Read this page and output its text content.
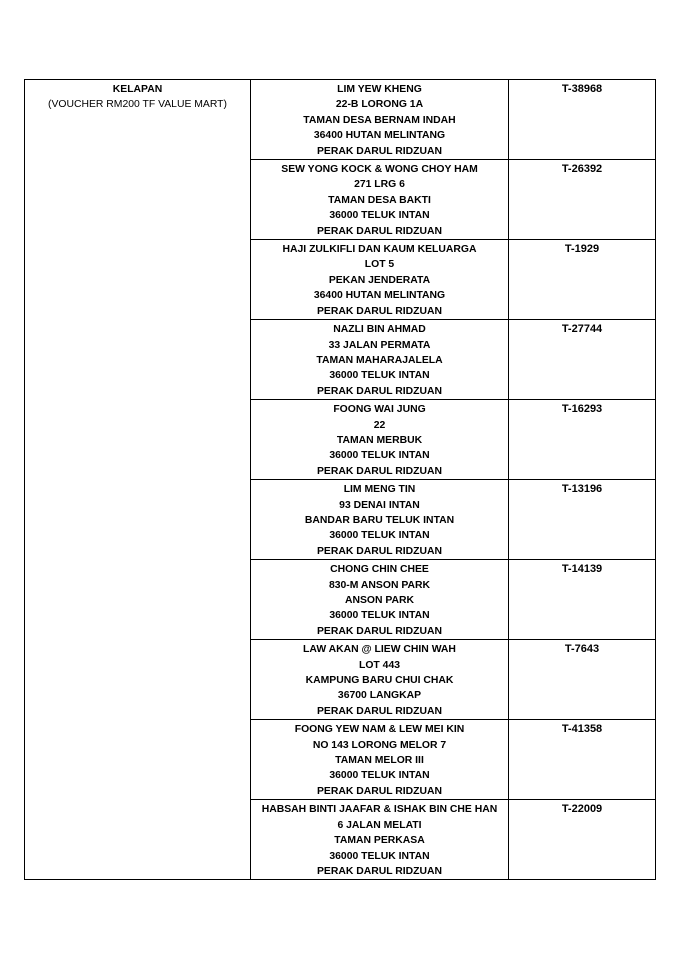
KELAPAN
(VOUCHER RM200 TF VALUE MART)	LIM YEW KHENG
22-B LORONG 1A
TAMAN DESA BERNAM INDAH
36400 HUTAN MELINTANG
PERAK DARUL RIDZUAN	T-38968

	SEW YONG KOCK & WONG CHOY HAM
271 LRG 6
TAMAN DESA BAKTI
36000 TELUK INTAN
PERAK DARUL RIDZUAN	T-26392

	HAJI ZULKIFLI DAN KAUM KELUARGA
LOT 5
PEKAN JENDERATA
36400 HUTAN MELINTANG
PERAK DARUL RIDZUAN	T-1929

	NAZLI BIN AHMAD
33 JALAN PERMATA
TAMAN MAHARAJALELA
36000 TELUK INTAN
PERAK DARUL RIDZUAN	T-27744

	FOONG WAI JUNG
22
TAMAN MERBUK
36000 TELUK INTAN
PERAK DARUL RIDZUAN	T-16293

	LIM MENG TIN
93 DENAI INTAN
BANDAR BARU TELUK INTAN
36000 TELUK INTAN
PERAK DARUL RIDZUAN	T-13196

	CHONG CHIN CHEE
830-M ANSON PARK
ANSON PARK
36000 TELUK INTAN
PERAK DARUL RIDZUAN	T-14139

	LAW AKAN @ LIEW CHIN WAH
LOT 443
KAMPUNG BARU CHUI CHAK
36700 LANGKAP
PERAK DARUL RIDZUAN	T-7643

	FOONG YEW NAM & LEW MEI KIN
NO 143 LORONG MELOR 7
TAMAN MELOR III
36000 TELUK INTAN
PERAK DARUL RIDZUAN	T-41358

	HABSAH BINTI JAAFAR & ISHAK BIN CHE HAN
6 JALAN MELATI
TAMAN PERKASA
36000 TELUK INTAN
PERAK DARUL RIDZUAN	T-22009
